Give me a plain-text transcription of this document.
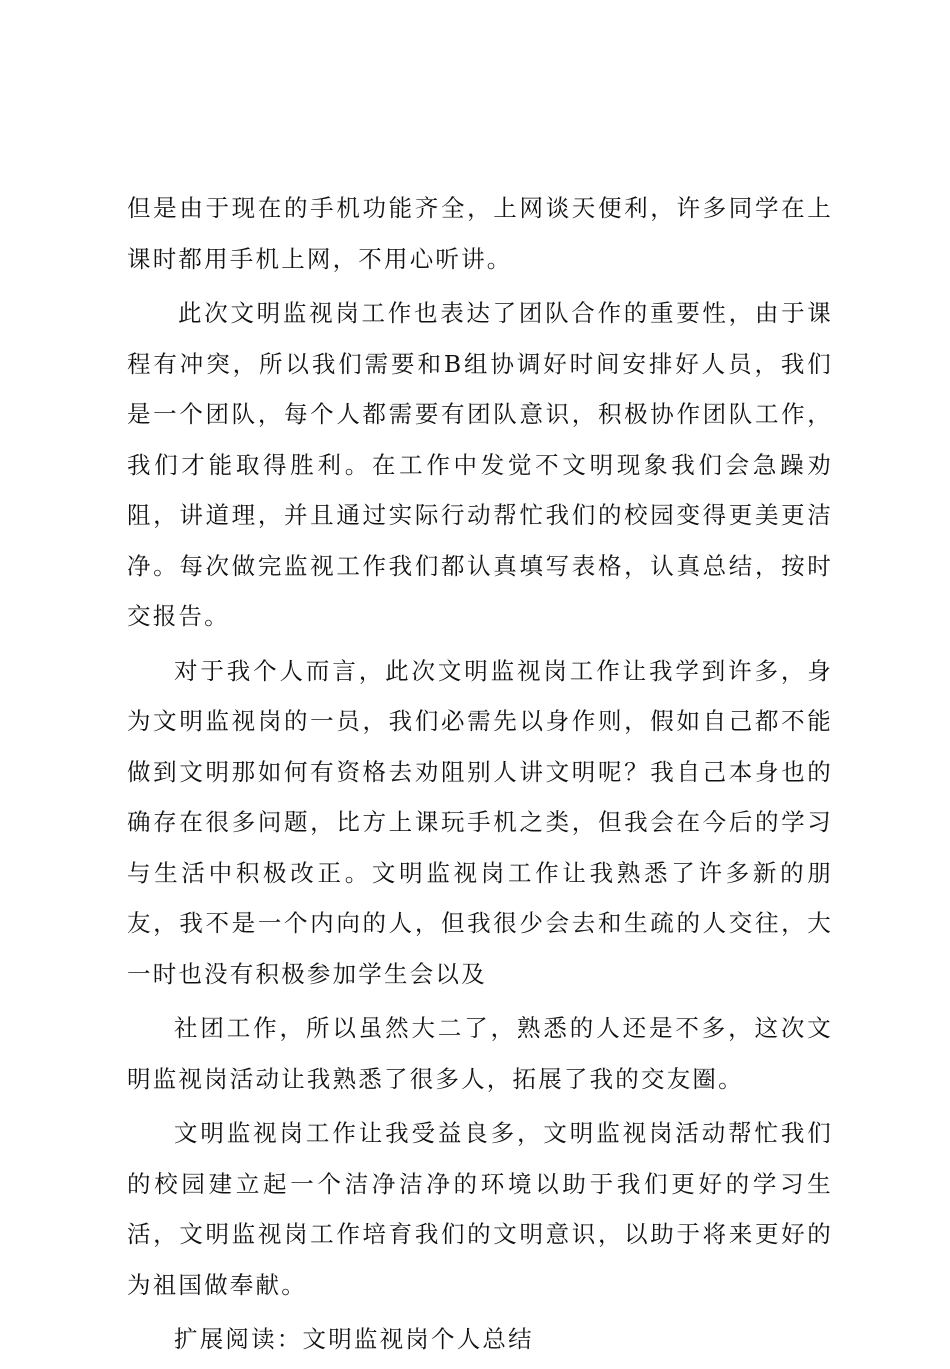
但是由于现在的手机功能齐全，上网谈天便利，许多同学在上课时都用手机上网，不用心听讲。

此次文明监视岗工作也表达了团队合作的重要性，由于课程有冲突，所以我们需要和B组协调好时间安排好人员，我们是一个团队，每个人都需要有团队意识，积极协作团队工作，我们才能取得胜利。在工作中发觉不文明现象我们会急躁劝阻，讲道理，并且通过实际行动帮忙我们的校园变得更美更洁净。每次做完监视工作我们都认真填写表格，认真总结，按时交报告。

对于我个人而言，此次文明监视岗工作让我学到许多，身为文明监视岗的一员，我们必需先以身作则，假如自己都不能做到文明那如何有资格去劝阻别人讲文明呢？我自己本身也的确存在很多问题，比方上课玩手机之类，但我会在今后的学习与生活中积极改正。文明监视岗工作让我熟悉了许多新的朋友，我不是一个内向的人，但我很少会去和生疏的人交往，大一时也没有积极参加学生会以及

社团工作，所以虽然大二了，熟悉的人还是不多，这次文明监视岗活动让我熟悉了很多人，拓展了我的交友圈。

文明监视岗工作让我受益良多，文明监视岗活动帮忙我们的校园建立起一个洁净洁净的环境以助于我们更好的学习生活，文明监视岗工作培育我们的文明意识，以助于将来更好的为祖国做奉献。

扩展阅读：文明监视岗个人总结
